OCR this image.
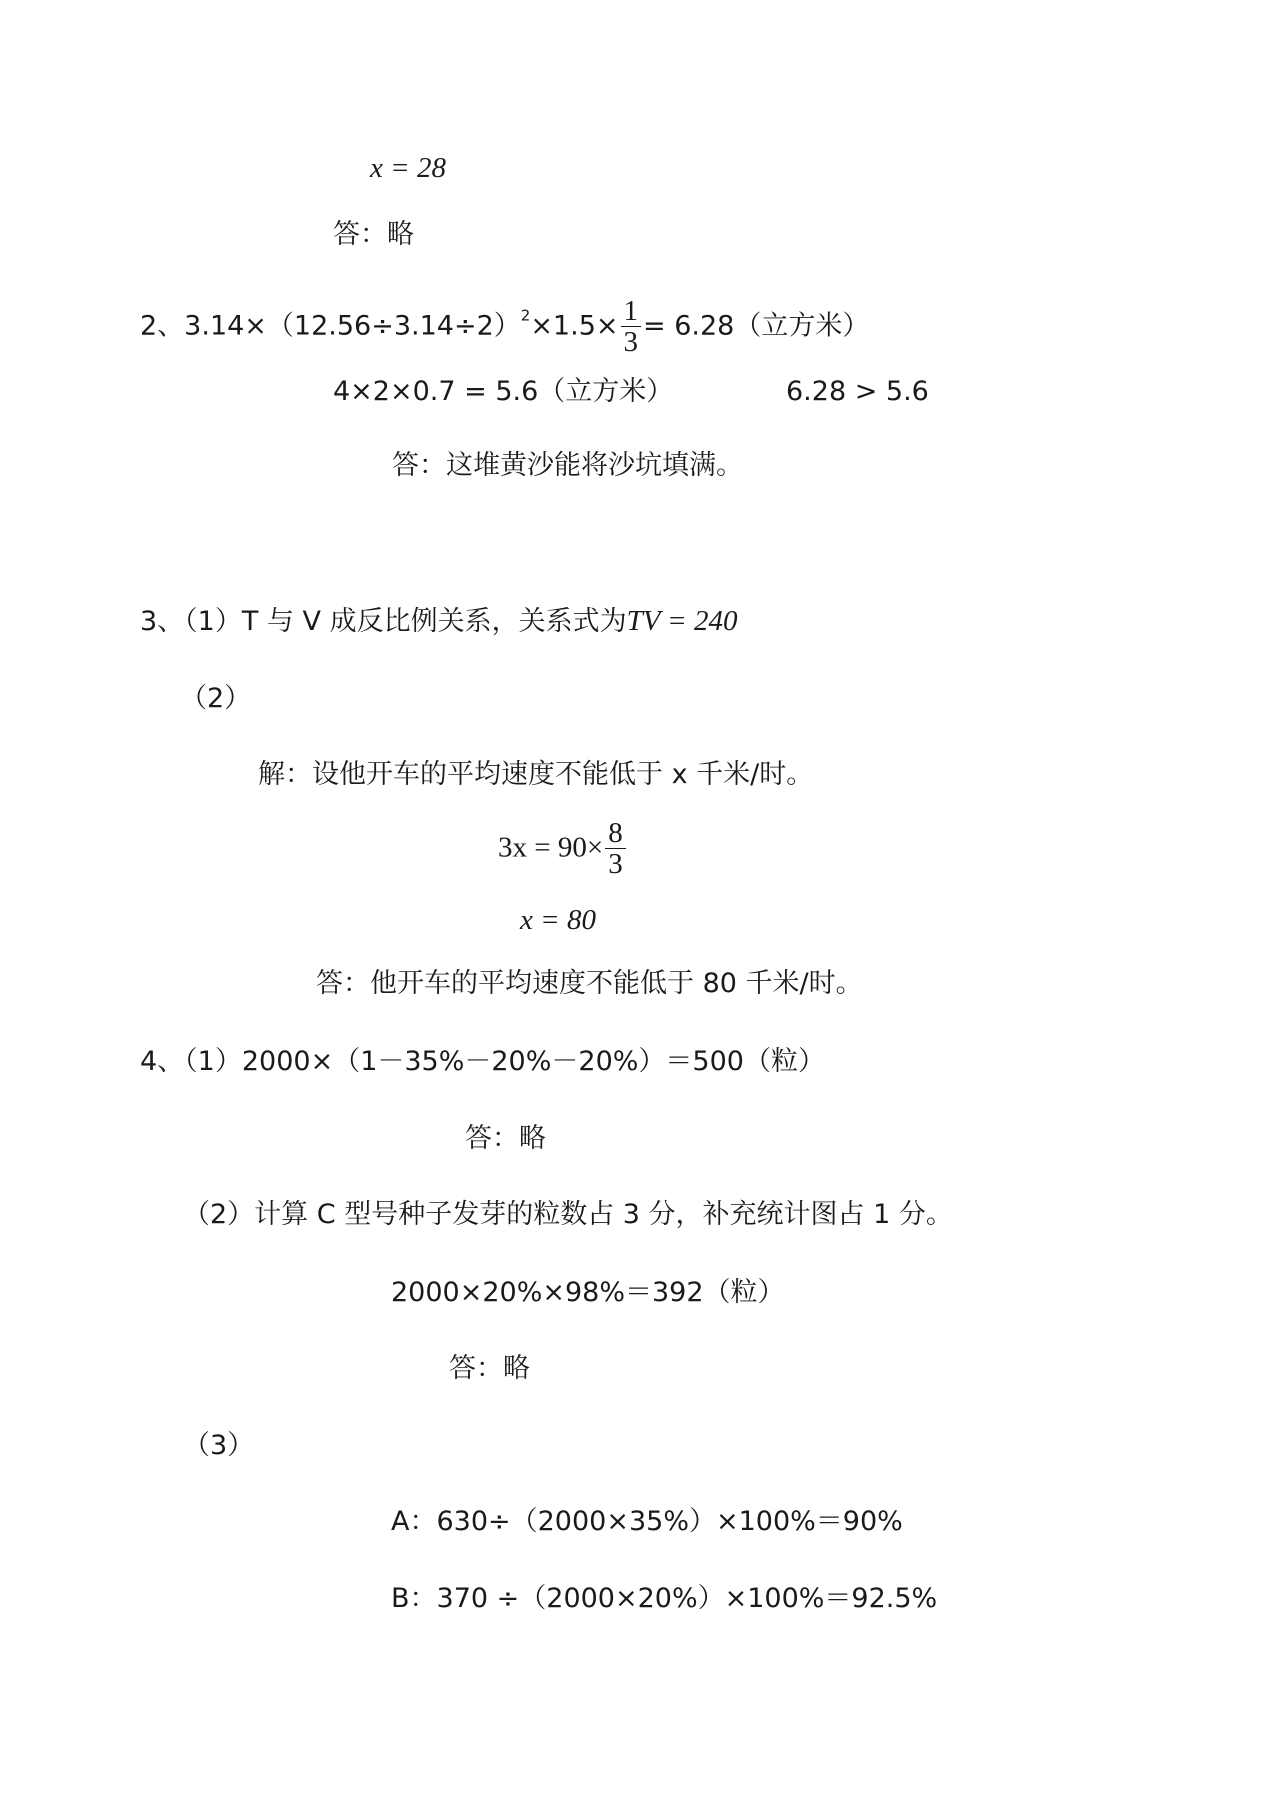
x = 28
答：略
2、$3.14\times(12.56\div 3.14\div 2)^2\times 1.5\times \frac{1}{3} = 6.28$（立方米）
4×2×0.7 = 5.6（立方米）	6.28 > 5.6
答：这堆黄沙能将沙坑填满。
3、（1）T 与 V 成反比例关系，关系式为TV = 240
（2）
解：设他开车的平均速度不能低于 x 千米/时。
$3x = 90\times \frac{8}{3}$
x = 80
答：他开车的平均速度不能低于 80 千米/时。
4、（1）2000×（1－35%－20%－20%）＝500（粒）
答：略
（2）计算 C 型号种子发芽的粒数占 3 分，补充统计图占 1 分。
2000×20%×98%＝392（粒）
答：略
（3）
A：630÷（2000×35%）×100%＝90%
B：370 ÷（2000×20%）×100%＝92.5%
